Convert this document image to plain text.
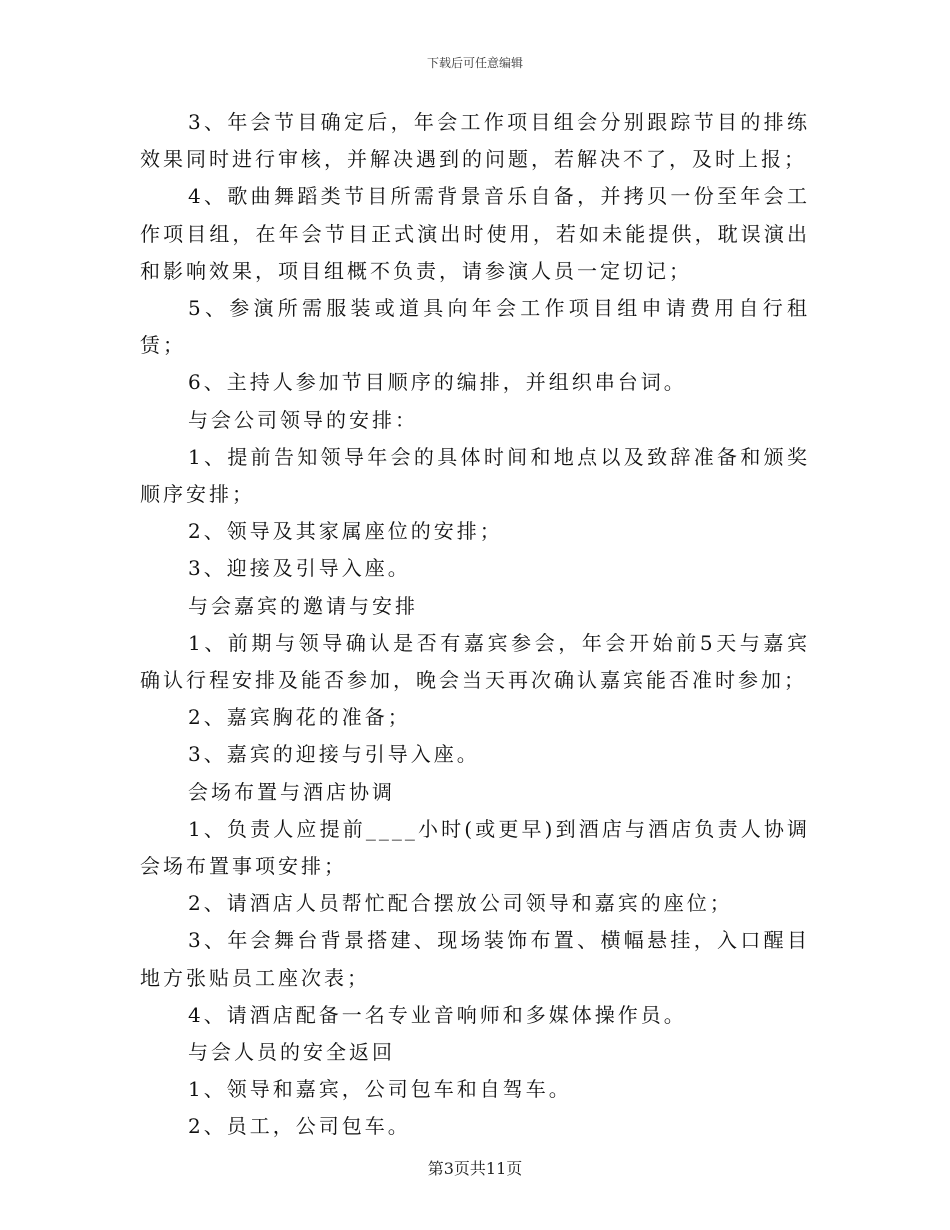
下载后可任意编辑

3、年会节目确定后，年会工作项目组会分别跟踪节目的排练效果同时进行审核，并解决遇到的问题，若解决不了，及时上报；

4、歌曲舞蹈类节目所需背景音乐自备，并拷贝一份至年会工作项目组，在年会节目正式演出时使用，若如未能提供，耽误演出和影响效果，项目组概不负责，请参演人员一定切记；

5、参演所需服装或道具向年会工作项目组申请费用自行租赁；

6、主持人参加节目顺序的编排，并组织串台词。

与会公司领导的安排：

1、提前告知领导年会的具体时间和地点以及致辞准备和颁奖顺序安排；

2、领导及其家属座位的安排；

3、迎接及引导入座。

与会嘉宾的邀请与安排

1、前期与领导确认是否有嘉宾参会，年会开始前5天与嘉宾确认行程安排及能否参加，晚会当天再次确认嘉宾能否准时参加；

2、嘉宾胸花的准备；

3、嘉宾的迎接与引导入座。

会场布置与酒店协调

1、负责人应提前____小时(或更早)到酒店与酒店负责人协调会场布置事项安排；

2、请酒店人员帮忙配合摆放公司领导和嘉宾的座位；

3、年会舞台背景搭建、现场装饰布置、横幅悬挂，入口醒目地方张贴员工座次表；

4、请酒店配备一名专业音响师和多媒体操作员。

与会人员的安全返回

1、领导和嘉宾，公司包车和自驾车。

2、员工，公司包车。

第3页共11页
